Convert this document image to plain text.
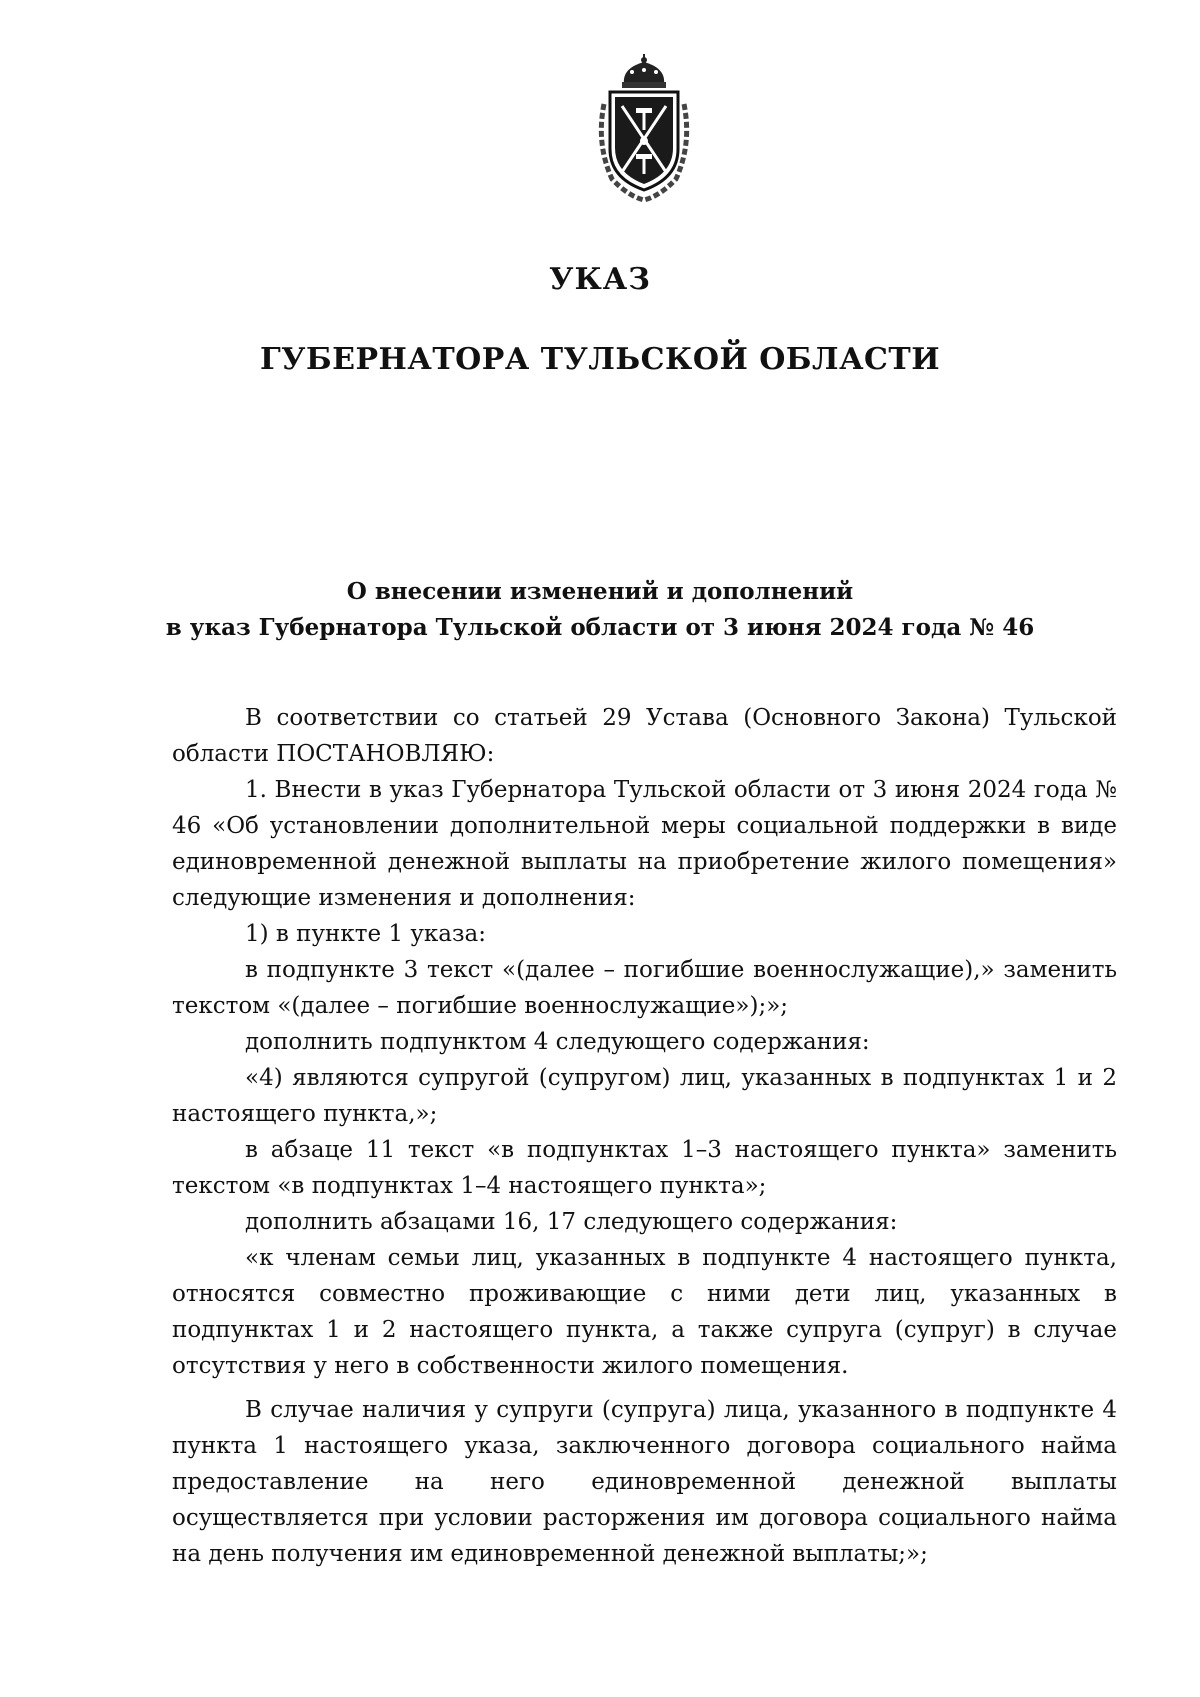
УКАЗ
ГУБЕРНАТОРА ТУЛЬСКОЙ ОБЛАСТИ
О внесении изменений и дополнений
в указ Губернатора Тульской области от 3 июня 2024 года № 46

В соответствии со статьей 29 Устава (Основного Закона) Тульской области ПОСТАНОВЛЯЮ:

1. Внести в указ Губернатора Тульской области от 3 июня 2024 года № 46 «Об установлении дополнительной меры социальной поддержки в виде единовременной денежной выплаты на приобретение жилого помещения» следующие изменения и дополнения:

1) в пункте 1 указа:

в подпункте 3 текст «(далее – погибшие военнослужащие),» заменить текстом «(далее – погибшие военнослужащие»);»;

дополнить подпунктом 4 следующего содержания:

«4) являются супругой (супругом) лиц, указанных в подпунктах 1 и 2 настоящего пункта,»;

в абзаце 11 текст «в подпунктах 1–3 настоящего пункта» заменить текстом «в подпунктах 1–4 настоящего пункта»;

дополнить абзацами 16, 17 следующего содержания:

«к членам семьи лиц, указанных в подпункте 4 настоящего пункта, относятся совместно проживающие с ними дети лиц, указанных в подпунктах 1 и 2 настоящего пункта, а также супруга (супруг) в случае отсутствия у него в собственности жилого помещения.

В случае наличия у супруги (супруга) лица, указанного в подпункте 4 пункта 1 настоящего указа, заключенного договора социального найма предоставление на него единовременной денежной выплаты осуществляется при условии расторжения им договора социального найма на день получения им единовременной денежной выплаты;»;
